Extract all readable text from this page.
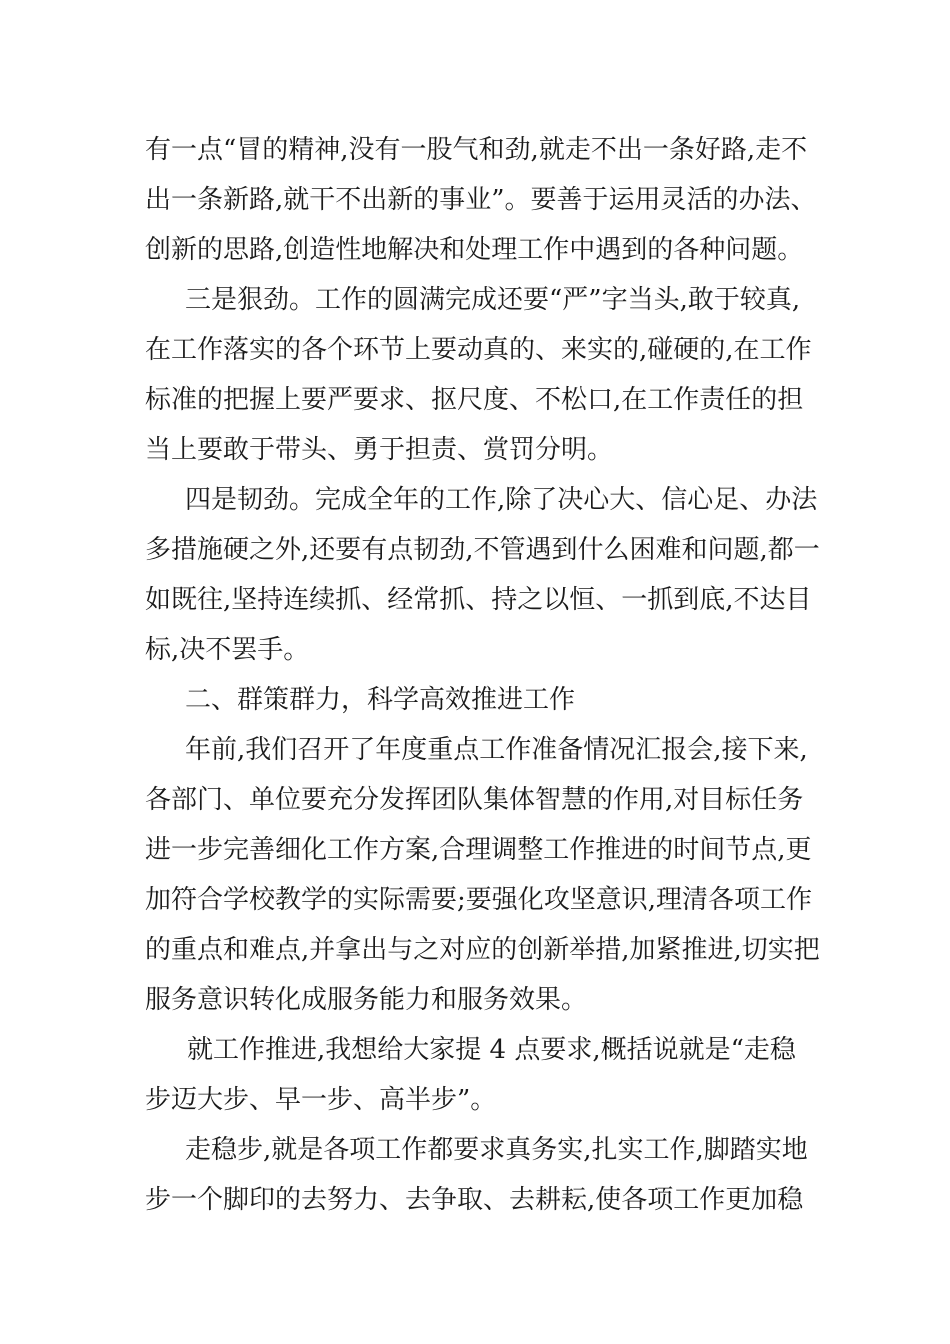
有一点“冒的精神,没有一股气和劲,就走不出一条好路,走不
出一条新路,就干不出新的事业”。要善于运用灵活的办法、
创新的思路,创造性地解决和处理工作中遇到的各种问题。
三是狠劲。工作的圆满完成还要“严”字当头,敢于较真,
在工作落实的各个环节上要动真的、来实的,碰硬的,在工作
标准的把握上要严要求、抠尺度、不松口,在工作责任的担
当上要敢于带头、勇于担责、赏罚分明。
四是韧劲。完成全年的工作,除了决心大、信心足、办法
多措施硬之外,还要有点韧劲,不管遇到什么困难和问题,都一
如既往,坚持连续抓、经常抓、持之以恒、一抓到底,不达目
标,决不罢手。
二、群策群力，科学高效推进工作
年前,我们召开了年度重点工作准备情况汇报会,接下来,
各部门、单位要充分发挥团队集体智慧的作用,对目标任务
进一步完善细化工作方案,合理调整工作推进的时间节点,更
加符合学校教学的实际需要;要强化攻坚意识,理清各项工作
的重点和难点,并拿出与之对应的创新举措,加紧推进,切实把
服务意识转化成服务能力和服务效果。
就工作推进,我想给大家提 4 点要求,概括说就是“走稳
步迈大步、早一步、高半步”。
走稳步,就是各项工作都要求真务实,扎实工作,脚踏实地
步一个脚印的去努力、去争取、去耕耘,使各项工作更加稳
